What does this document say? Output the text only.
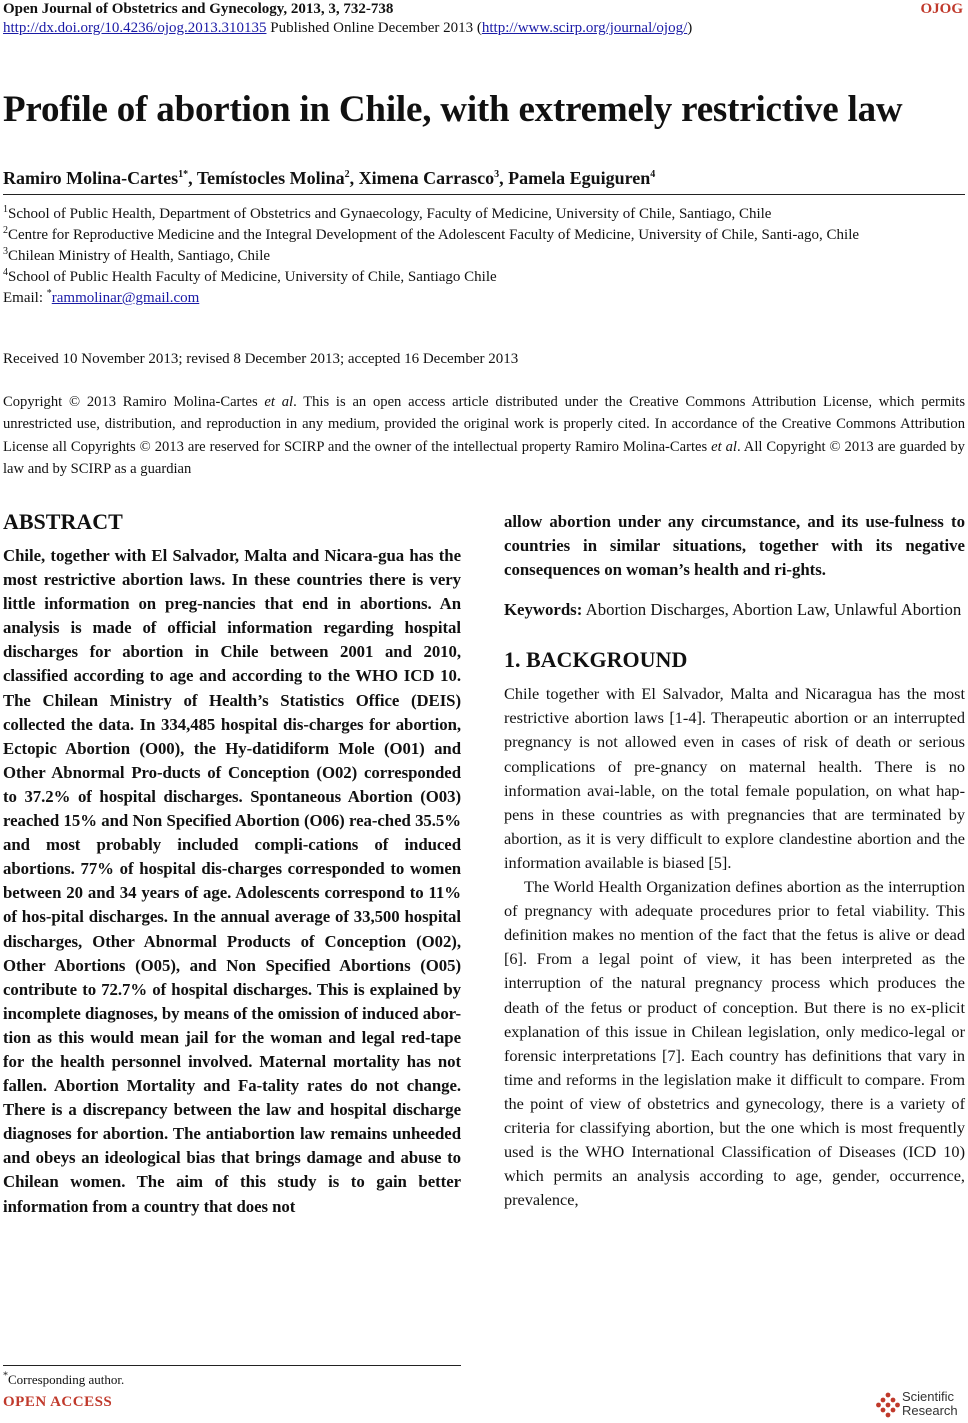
Open Journal of Obstetrics and Gynecology, 2013, 3, 732-738	OJOG
http://dx.doi.org/10.4236/ojog.2013.310135 Published Online December 2013 (http://www.scirp.org/journal/ojog/)
Profile of abortion in Chile, with extremely restrictive law
Ramiro Molina-Cartes$^{1*}$, Temístocles Molina$^2$, Ximena Carrasco$^3$, Pamela Eguiguren$^4$
$^1$School of Public Health, Department of Obstetrics and Gynaecology, Faculty of Medicine, University of Chile, Santiago, Chile
$^2$Centre for Reproductive Medicine and the Integral Development of the Adolescent Faculty of Medicine, University of Chile, Santi-ago, Chile
$^3$Chilean Ministry of Health, Santiago, Chile
$^4$School of Public Health Faculty of Medicine, University of Chile, Santiago Chile
Email: *rammolinar@gmail.com
Received 10 November 2013; revised 8 December 2013; accepted 16 December 2013
Copyright © 2013 Ramiro Molina-Cartes et al. This is an open access article distributed under the Creative Commons Attribution License, which permits unrestricted use, distribution, and reproduction in any medium, provided the original work is properly cited. In accordance of the Creative Commons Attribution License all Copyrights © 2013 are reserved for SCIRP and the owner of the intellectual property Ramiro Molina-Cartes et al. All Copyright © 2013 are guarded by law and by SCIRP as a guardian
ABSTRACT
Chile, together with El Salvador, Malta and Nicara-gua has the most restrictive abortion laws. In these countries there is very little information on preg-nancies that end in abortions. An analysis is made of official information regarding hospital discharges for abortion in Chile between 2001 and 2010, classified according to age and according to the WHO ICD 10. The Chilean Ministry of Health’s Statistics Office (DEIS) collected the data. In 334,485 hospital dis-charges for abortion, Ectopic Abortion (O00), the Hy-datidiform Mole (O01) and Other Abnormal Pro-ducts of Conception (O02) corresponded to 37.2% of hospital discharges. Spontaneous Abortion (O03) reached 15% and Non Specified Abortion (O06) rea-ched 35.5% and most probably included compli-cations of induced abortions. 77% of hospital dis-charges corresponded to women between 20 and 34 years of age. Adolescents correspond to 11% of hos-pital discharges. In the annual average of 33,500 hospital discharges, Other Abnormal Products of Conception (O02), Other Abortions (O05), and Non Specified Abortions (O05) contribute to 72.7% of hospital discharges. This is explained by incomplete diagnoses, by means of the omission of induced abor-tion as this would mean jail for the woman and legal red-tape for the health personnel involved. Maternal mortality has not fallen. Abortion Mortality and Fa-tality rates do not change. There is a discrepancy between the law and hospital discharge diagnoses for abortion. The antiabortion law remains unheeded and obeys an ideological bias that brings damage and abuse to Chilean women. The aim of this study is to gain better information from a country that does not
allow abortion under any circumstance, and its use-fulness to countries in similar situations, together with its negative consequences on woman’s health and ri-ghts.
Keywords: Abortion Discharges, Abortion Law, Unlawful Abortion
1. BACKGROUND

Chile together with El Salvador, Malta and Nicaragua has the most restrictive abortion laws [1-4]. Therapeutic abortion or an interrupted pregnancy is not allowed even in cases of risk of death or serious complications of pre-gnancy on maternal health. There is no information avai-lable, on the total female population, on what hap- pens in these countries as with pregnancies that are terminated by abortion, as it is very difficult to explore clandestine abortion and the information available is biased [5].

The World Health Organization defines abortion as the interruption of pregnancy with adequate procedures prior to fetal viability. This definition makes no mention of the fact that the fetus is alive or dead [6]. From a legal point of view, it has been interpreted as the interruption of the natural pregnancy process which produces the death of the fetus or product of conception. But there is no ex-plicit explanation of this issue in Chilean legislation, only medico-legal or forensic interpretations [7]. Each country has definitions that vary in time and reforms in the legislation make it difficult to compare. From the point of view of obstetrics and gynecology, there is a variety of criteria for classifying abortion, but the one which is most frequently used is the WHO International Classification of Diseases (ICD 10) which permits an analysis according to age, gender, occurrence, prevalence,

*Corresponding author.
OPEN ACCESS	Scientific
Research
